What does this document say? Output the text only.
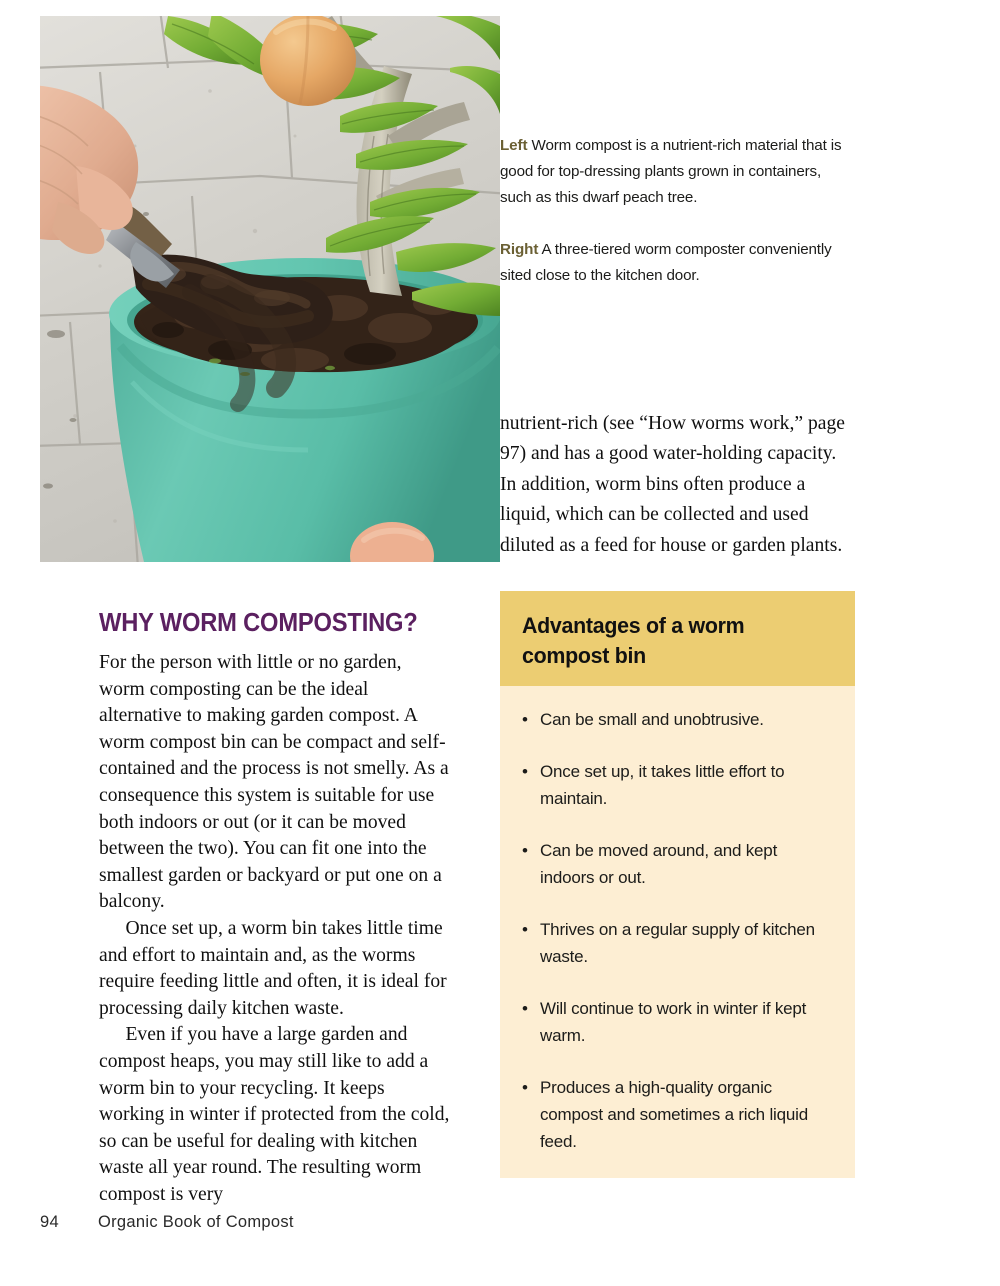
Left Worm compost is a nutrient-rich material that is good for top-dressing plants grown in containers, such as this dwarf peach tree.

Right A three-tiered worm composter conveniently sited close to the kitchen door.

nutrient-rich (see “How worms work,” page 97) and has a good water-holding capacity. In addition, worm bins often produce a liquid, which can be collected and used diluted as a feed for house or garden plants.

WHY WORM COMPOSTING?

For the person with little or no garden, worm composting can be the ideal alternative to making garden compost. A worm compost bin can be compact and self-contained and the process is not smelly. As a consequence this system is suitable for use both indoors or out (or it can be moved between the two). You can fit one into the smallest garden or backyard or put one on a balcony.

Once set up, a worm bin takes little time and effort to maintain and, as the worms require feeding little and often, it is ideal for processing daily kitchen waste.

Even if you have a large garden and compost heaps, you may still like to add a worm bin to your recycling. It keeps working in winter if protected from the cold, so can be useful for dealing with kitchen waste all year round. The resulting worm compost is very

Advantages of a worm compost bin
• Can be small and unobtrusive.
• Once set up, it takes little effort to maintain.
• Can be moved around, and kept indoors or out.
• Thrives on a regular supply of kitchen waste.
• Will continue to work in winter if kept warm.
• Produces a high-quality organic compost and sometimes a rich liquid feed.
94	Organic Book of Compost
